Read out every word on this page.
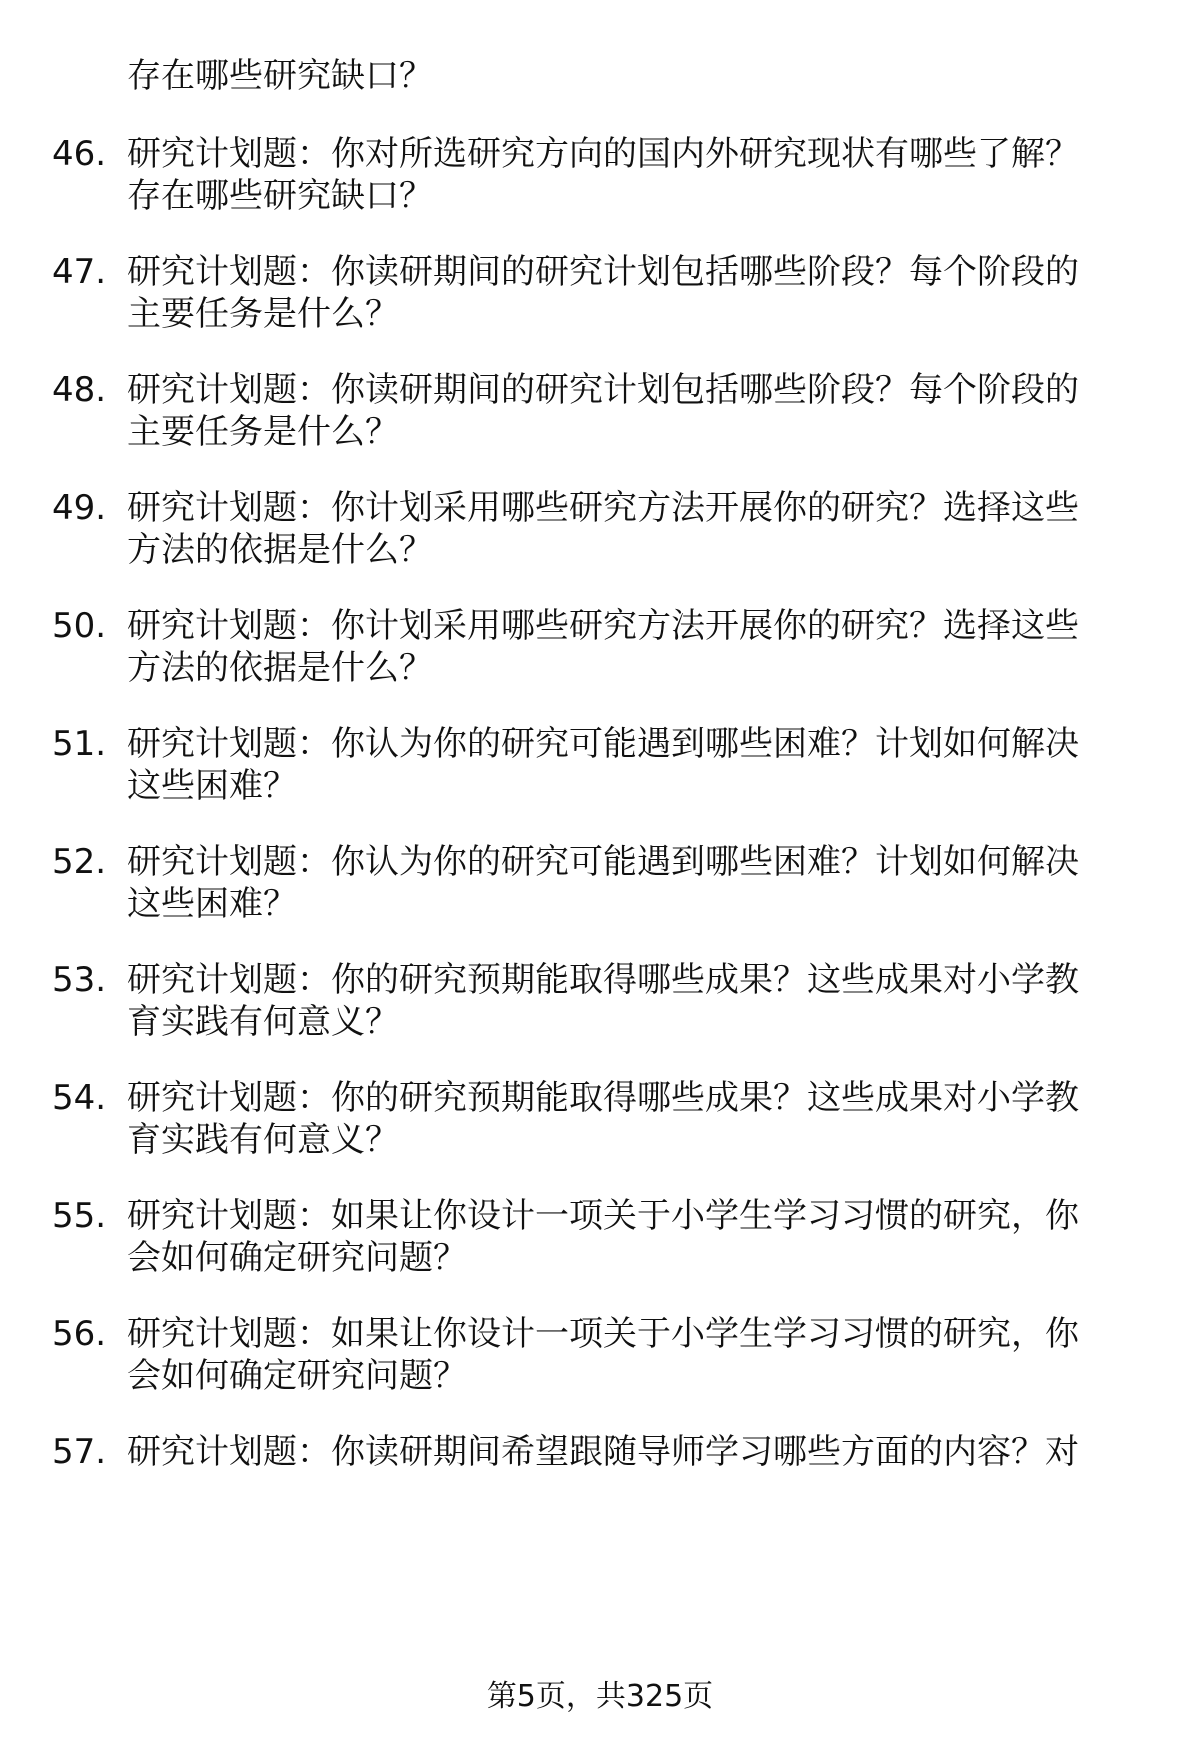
存在哪些研究缺口？
46. 研究计划题：你对所选研究方向的国内外研究现状有哪些了解？
存在哪些研究缺口？
47. 研究计划题：你读研期间的研究计划包括哪些阶段？每个阶段的
主要任务是什么？
48. 研究计划题：你读研期间的研究计划包括哪些阶段？每个阶段的
主要任务是什么？
49. 研究计划题：你计划采用哪些研究方法开展你的研究？选择这些
方法的依据是什么？
50. 研究计划题：你计划采用哪些研究方法开展你的研究？选择这些
方法的依据是什么？
51. 研究计划题：你认为你的研究可能遇到哪些困难？计划如何解决
这些困难？
52. 研究计划题：你认为你的研究可能遇到哪些困难？计划如何解决
这些困难？
53. 研究计划题：你的研究预期能取得哪些成果？这些成果对小学教
育实践有何意义？
54. 研究计划题：你的研究预期能取得哪些成果？这些成果对小学教
育实践有何意义？
55. 研究计划题：如果让你设计一项关于小学生学习习惯的研究，你
会如何确定研究问题？
56. 研究计划题：如果让你设计一项关于小学生学习习惯的研究，你
会如何确定研究问题？
57. 研究计划题：你读研期间希望跟随导师学习哪些方面的内容？对
第5页，共325页
